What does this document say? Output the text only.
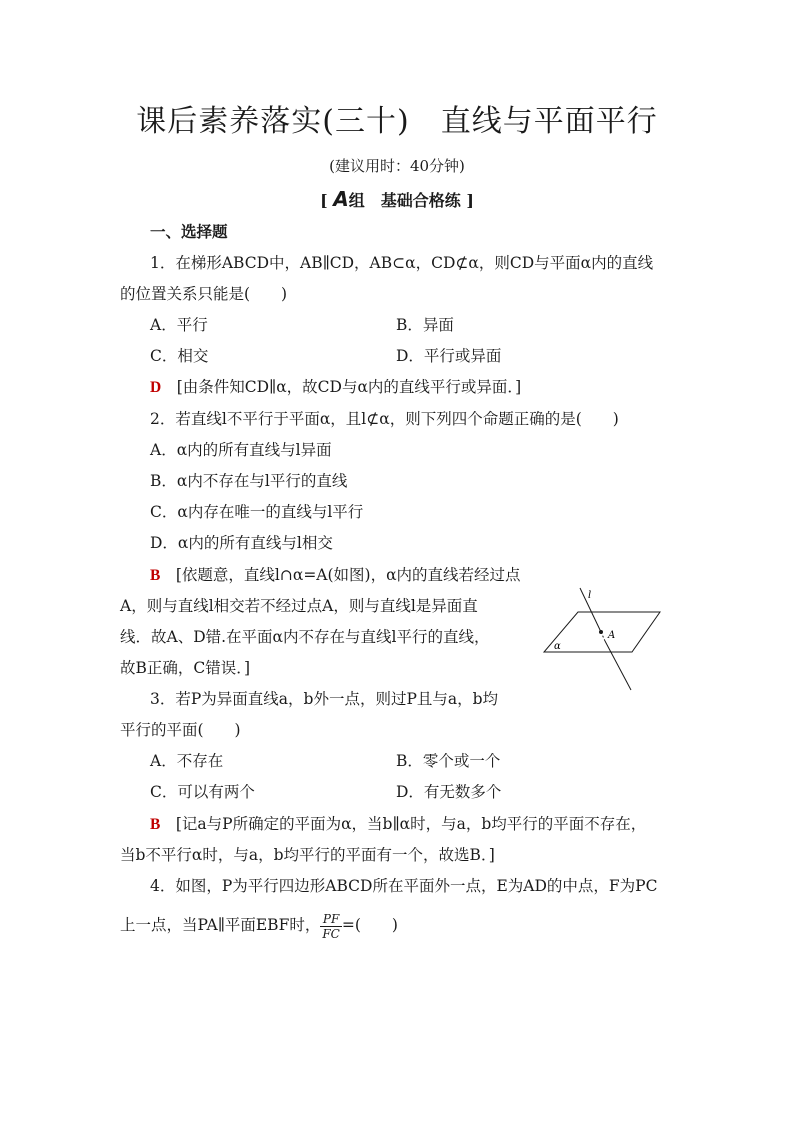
课后素养落实(三十)　直线与平面平行
(建议用时：40分钟)
[ A组　基础合格练 ]
一、选择题
1．在梯形ABCD中，AB∥CD，AB⊂α，CD⊄α，则CD与平面α内的直线
的位置关系只能是(　　)
A．平行	B．异面
C．相交	D．平行或异面
D　 [由条件知CD∥α，故CD与α内的直线平行或异面．]
2．若直线l不平行于平面α，且l⊄α，则下列四个命题正确的是(　　)
A．α内的所有直线与l异面
B．α内不存在与l平行的直线
C．α内存在唯一的直线与l平行
D．α内的所有直线与l相交
B　 [依题意，直线l∩α=A(如图)，α内的直线若经过点
A，则与直线l相交若不经过点A，则与直线l是异面直
线．故A、D错.在平面α内不存在与直线l平行的直线，
故B正确，C错误．]
l
A
α
3．若P为异面直线a，b外一点，则过P且与a，b均
平行的平面(　　)
A．不存在	B．零个或一个
C．可以有两个	D．有无数多个
B　 [记a与P所确定的平面为α，当b∥α时，与a，b均平行的平面不存在，
当b不平行α时，与a，b均平行的平面有一个，故选B．]
4．如图，P为平行四边形ABCD所在平面外一点，E为AD的中点，F为PC
上一点，当PA∥平面EBF时， $\frac{PF}{FC}$ =(　　)
